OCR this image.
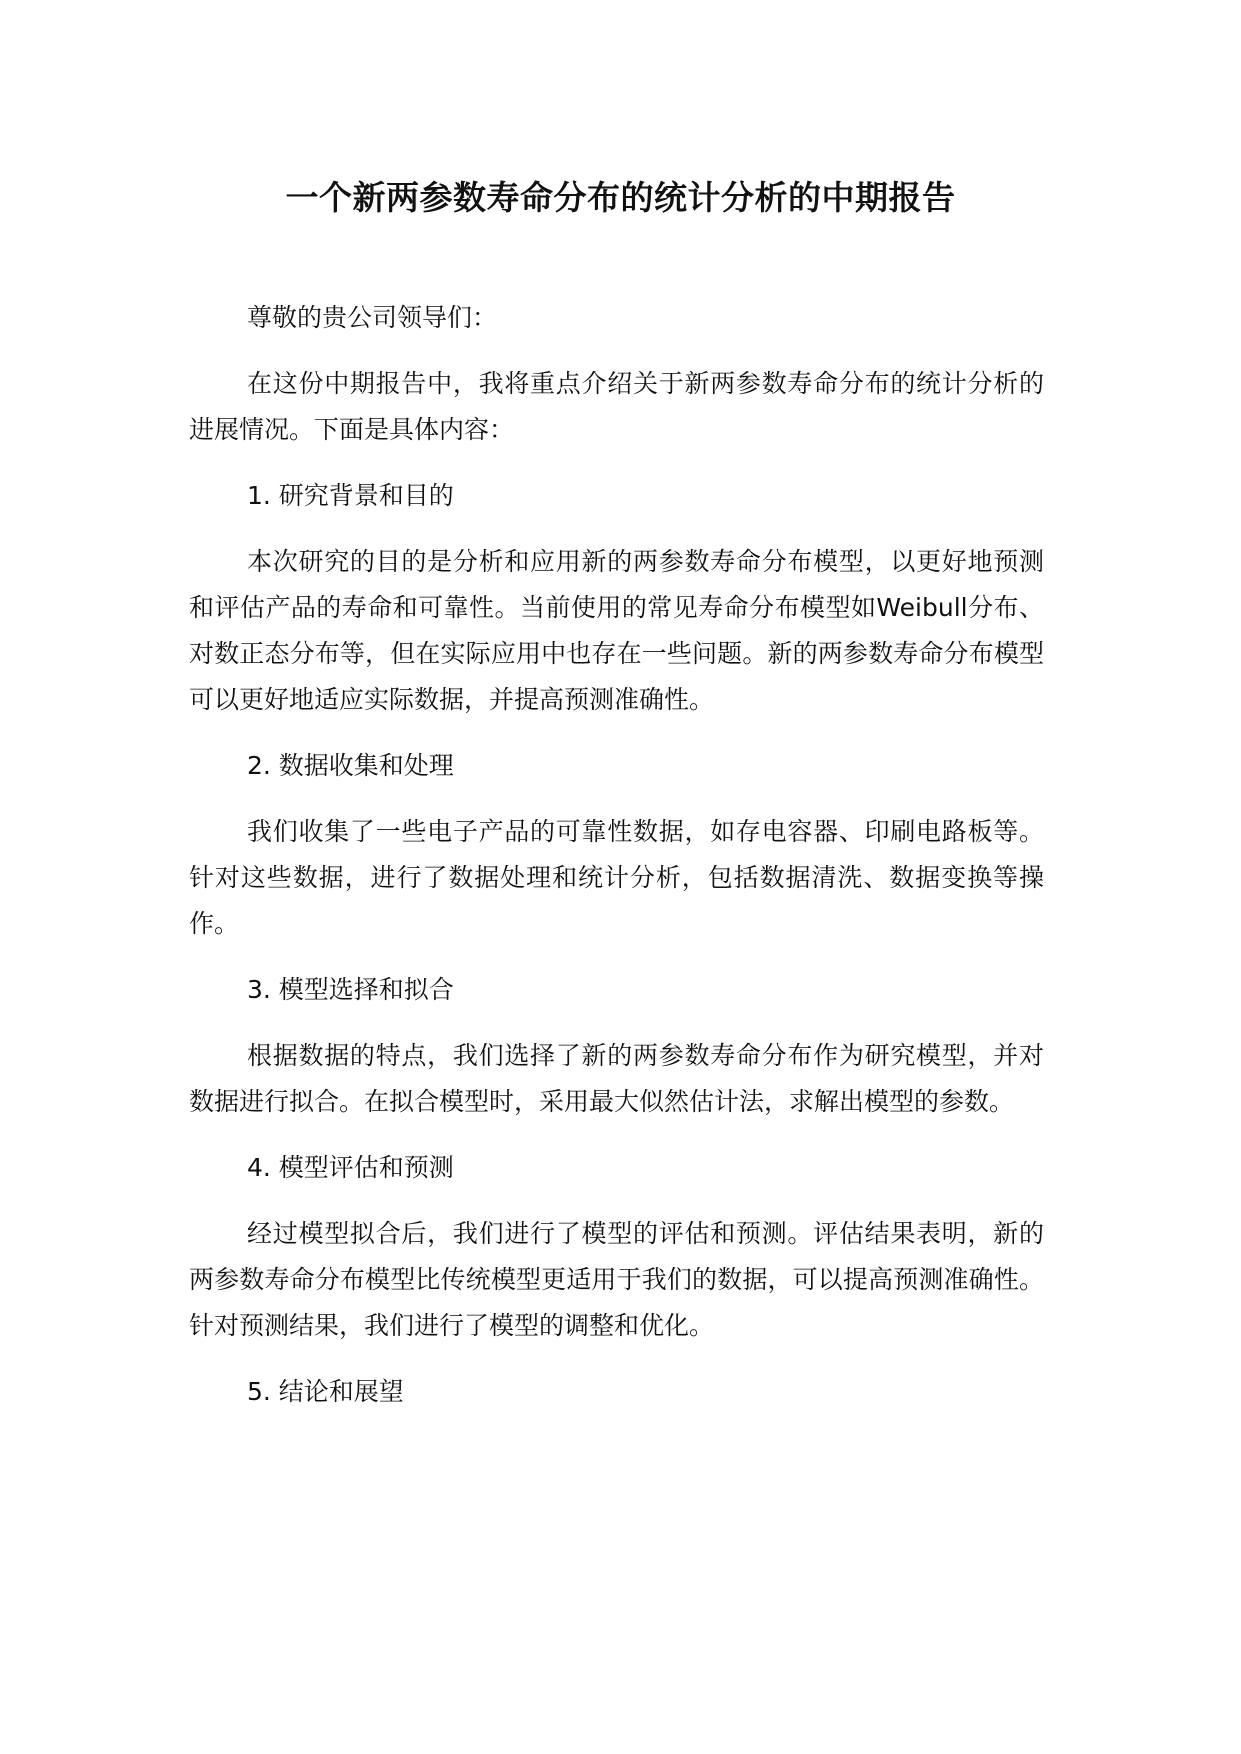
一个新两参数寿命分布的统计分析的中期报告

尊敬的贵公司领导们：

在这份中期报告中，我将重点介绍关于新两参数寿命分布的统计分析的进展情况。下面是具体内容：

1. 研究背景和目的

本次研究的目的是分析和应用新的两参数寿命分布模型，以更好地预测和评估产品的寿命和可靠性。当前使用的常见寿命分布模型如Weibull分布、对数正态分布等，但在实际应用中也存在一些问题。新的两参数寿命分布模型可以更好地适应实际数据，并提高预测准确性。

2. 数据收集和处理

我们收集了一些电子产品的可靠性数据，如存电容器、印刷电路板等。针对这些数据，进行了数据处理和统计分析，包括数据清洗、数据变换等操作。

3. 模型选择和拟合

根据数据的特点，我们选择了新的两参数寿命分布作为研究模型，并对数据进行拟合。在拟合模型时，采用最大似然估计法，求解出模型的参数。

4. 模型评估和预测

经过模型拟合后，我们进行了模型的评估和预测。评估结果表明，新的两参数寿命分布模型比传统模型更适用于我们的数据，可以提高预测准确性。针对预测结果，我们进行了模型的调整和优化。

5. 结论和展望
